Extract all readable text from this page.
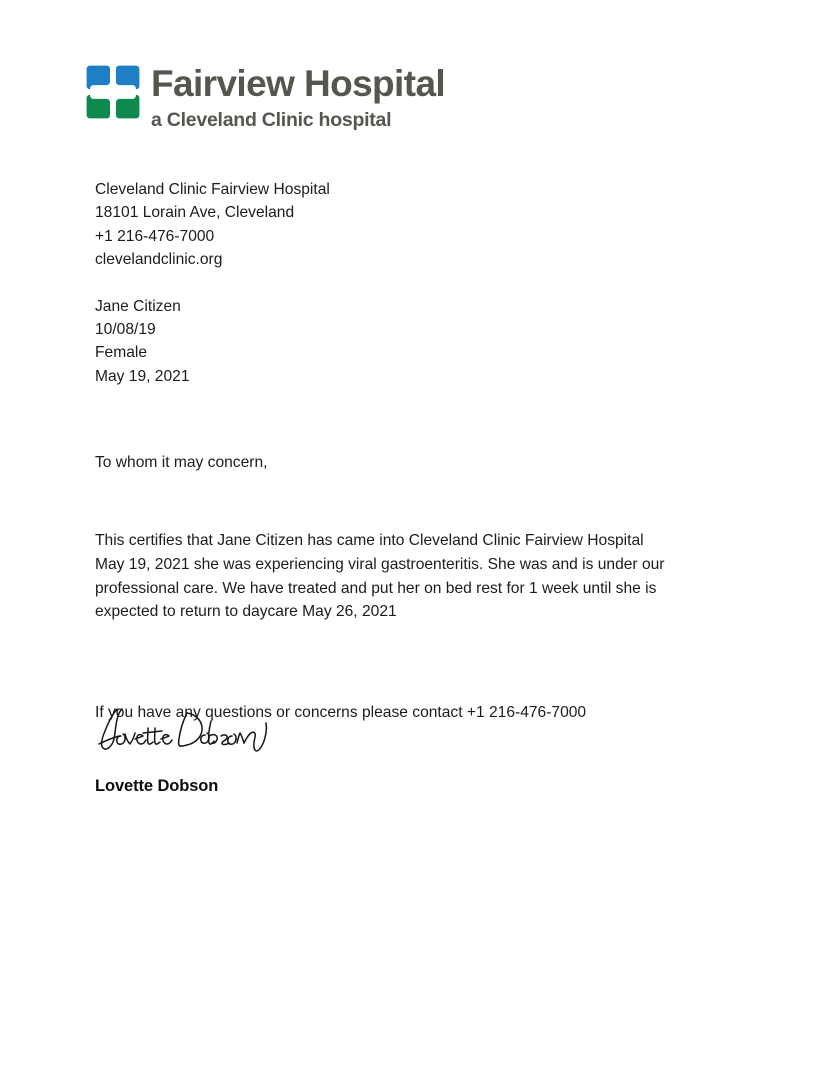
Fairview Hospital
a Cleveland Clinic hospital
Cleveland Clinic Fairview Hospital
18101 Lorain Ave, Cleveland
+1 216-476-7000
clevelandclinic.org
Jane Citizen
10/08/19
Female
May 19, 2021

To whom it may concern,

This certifies that Jane Citizen has came into Cleveland Clinic Fairview Hospital May 19, 2021 she was experiencing viral gastroenteritis. She was and is under our professional care. We have treated and put her on bed rest for 1 week until she is expected to return to daycare May 26, 2021

If you have any questions or concerns please contact +1 216-476-7000

Lovette Dobson
